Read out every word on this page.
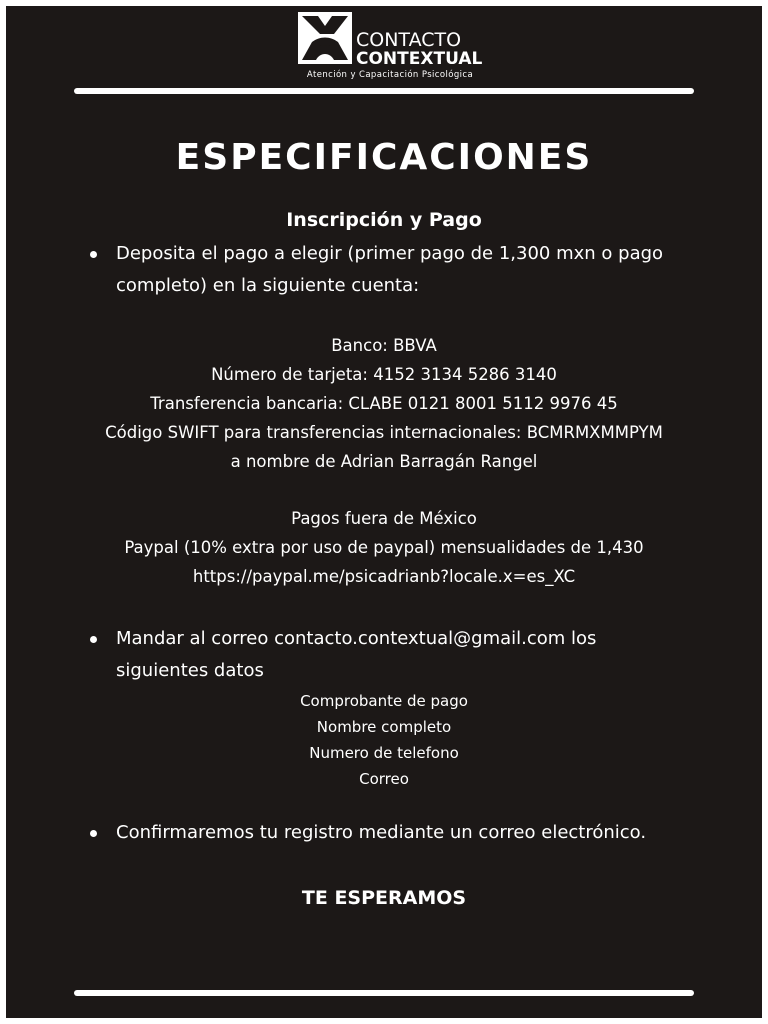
CONTACTO
CONTEXTUAL
Atención y Capacitación Psicológica
ESPECIFICACIONES
Inscripción y Pago
Deposita el pago a elegir (primer pago de 1,300 mxn o pago completo) en la siguiente cuenta:
Banco: BBVA
Número de tarjeta: 4152 3134 5286 3140
Transferencia bancaria: CLABE 0121 8001 5112 9976 45
Código SWIFT para transferencias internacionales: BCMRMXMMPYM
a nombre de Adrian Barragán Rangel
Pagos fuera de México
Paypal (10% extra por uso de paypal) mensualidades de 1,430
https://paypal.me/psicadrianb?locale.x=es_XC
Mandar al correo contacto.contextual@gmail.com los siguientes datos
Comprobante de pago
Nombre completo
Numero de telefono
Correo
Confirmaremos tu registro mediante un correo electrónico.
TE ESPERAMOS
